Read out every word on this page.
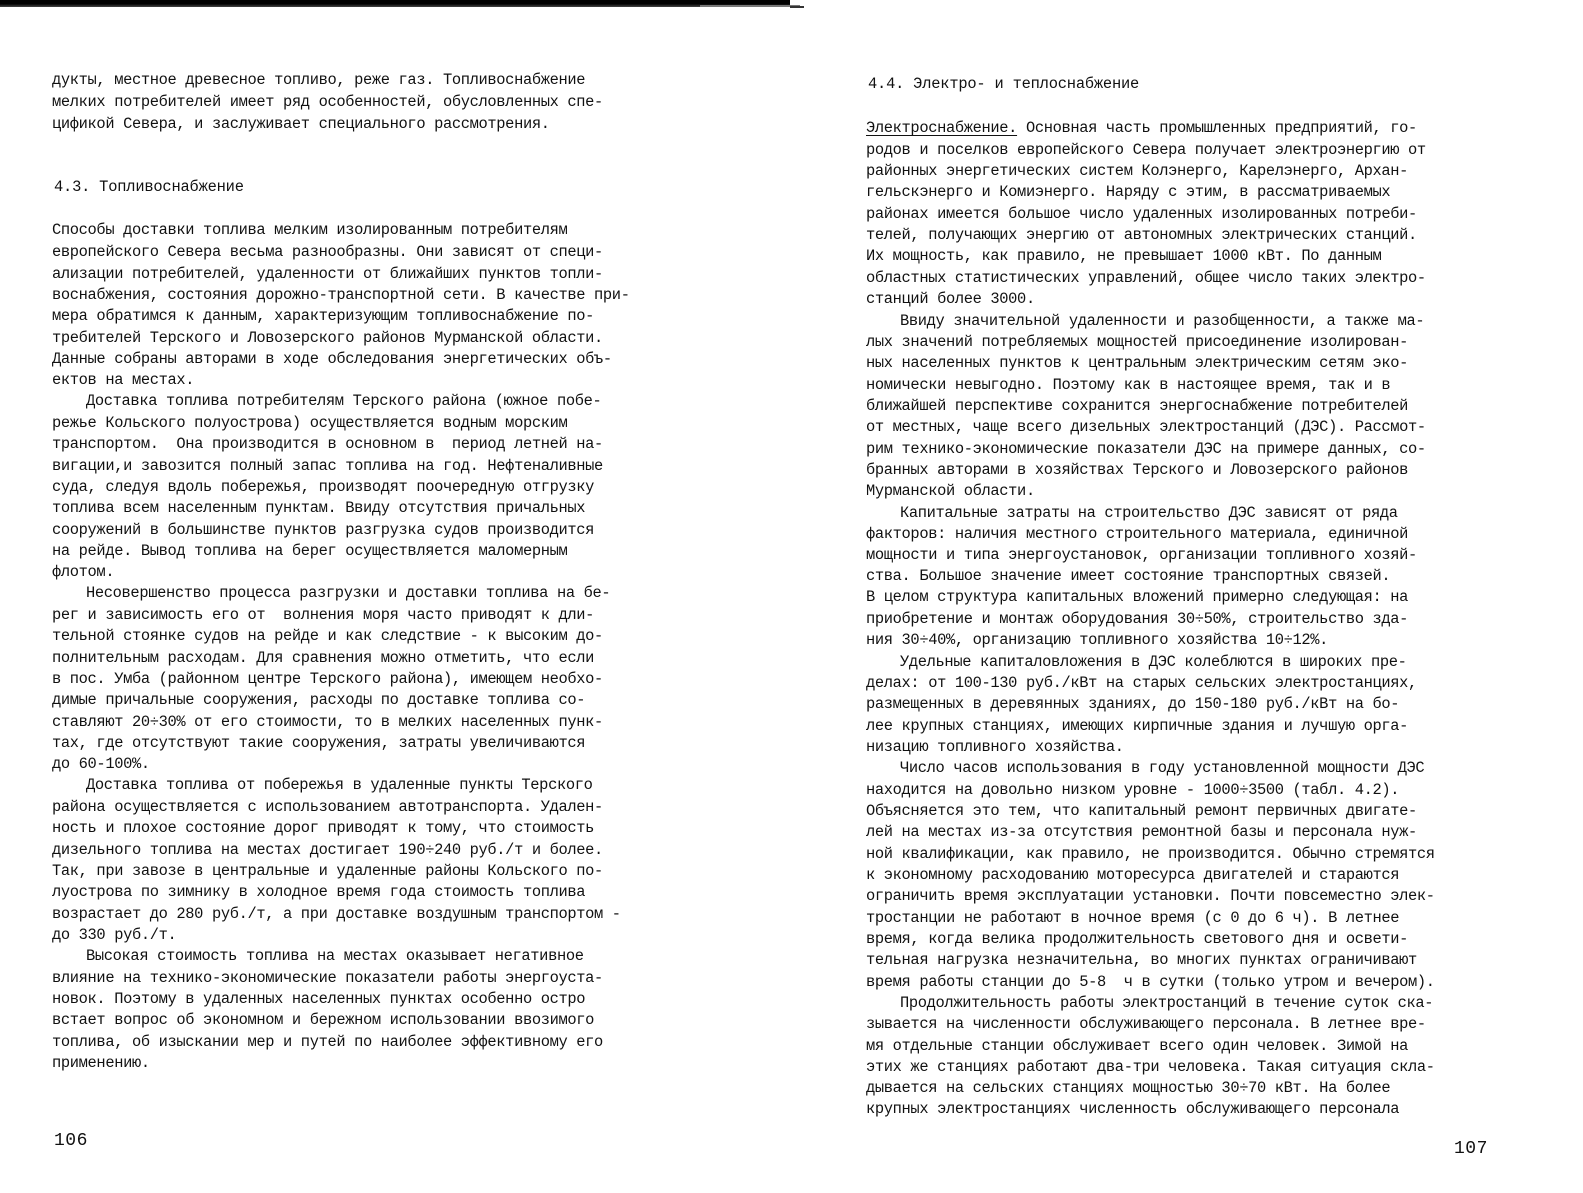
дукты, местное древесное топливо, реже газ. Топливоснабжение
мелких потребителей имеет ряд особенностей, обусловленных спе-
цификой Севера, и заслуживает специального рассмотрения.
4.3. Топливоснабжение
Способы доставки топлива мелким изолированным потребителям
европейского Севера весьма разнообразны. Они зависят от специ-
ализации потребителей, удаленности от ближайших пунктов топли-
воснабжения, состояния дорожно-транспортной сети. В качестве при-
мера обратимся к данным, характеризующим топливоснабжение по-
требителей Терского и Ловозерского районов Мурманской области.
Данные собраны авторами в ходе обследования энергетических объ-
ектов на местах.
Доставка топлива потребителям Терского района (южное побе-
режье Кольского полуострова) осуществляется водным морским
транспортом.  Она производится в основном в  период летней на-
вигации,и завозится полный запас топлива на год. Нефтеналивные
суда, следуя вдоль побережья, производят поочередную отгрузку
топлива всем населенным пунктам. Ввиду отсутствия причальных
сооружений в большинстве пунктов разгрузка судов производится
на рейде. Вывод топлива на берег осуществляется маломерным
флотом.
Несовершенство процесса разгрузки и доставки топлива на бе-
рег и зависимость его от  волнения моря часто приводят к дли-
тельной стоянке судов на рейде и как следствие - к высоким до-
полнительным расходам. Для сравнения можно отметить, что если
в пос. Умба (районном центре Терского района), имеющем необхо-
димые причальные сооружения, расходы по доставке топлива со-
ставляют 20÷30% от его стоимости, то в мелких населенных пунк-
тах, где отсутствуют такие сооружения, затраты увеличиваются
до 60-100%.
Доставка топлива от побережья в удаленные пункты Терского
района осуществляется с использованием автотранспорта. Удален-
ность и плохое состояние дорог приводят к тому, что стоимость
дизельного топлива на местах достигает 190÷240 руб./т и более.
Так, при завозе в центральные и удаленные районы Кольского по-
луострова по зимнику в холодное время года стоимость топлива
возрастает до 280 руб./т, а при доставке воздушным транспортом -
до 330 руб./т.
Высокая стоимость топлива на местах оказывает негативное
влияние на технико-экономические показатели работы энергоуста-
новок. Поэтому в удаленных населенных пунктах особенно остро
встает вопрос об экономном и бережном использовании ввозимого
топлива, об изыскании мер и путей по наиболее эффективному его
применению.
106
4.4. Электро- и теплоснабжение
Электроснабжение. Основная часть промышленных предприятий, го-
родов и поселков европейского Севера получает электроэнергию от
районных энергетических систем Колэнерго, Карелэнерго, Архан-
гельскэнерго и Комиэнерго. Наряду с этим, в рассматриваемых
районах имеется большое число удаленных изолированных потреби-
телей, получающих энергию от автономных электрических станций.
Их мощность, как правило, не превышает 1000 кВт. По данным
областных статистических управлений, общее число таких электро-
станций более 3000.
Ввиду значительной удаленности и разобщенности, а также ма-
лых значений потребляемых мощностей присоединение изолирован-
ных населенных пунктов к центральным электрическим сетям эко-
номически невыгодно. Поэтому как в настоящее время, так и в
ближайшей перспективе сохранится энергоснабжение потребителей
от местных, чаще всего дизельных электростанций (ДЭС). Рассмот-
рим технико-экономические показатели ДЭС на примере данных, со-
бранных авторами в хозяйствах Терского и Ловозерского районов
Мурманской области.
Капитальные затраты на строительство ДЭС зависят от ряда
факторов: наличия местного строительного материала, единичной
мощности и типа энергоустановок, организации топливного хозяй-
ства. Большое значение имеет состояние транспортных связей.
В целом структура капитальных вложений примерно следующая: на
приобретение и монтаж оборудования 30÷50%, строительство зда-
ния 30÷40%, организацию топливного хозяйства 10÷12%.
Удельные капиталовложения в ДЭС колеблются в широких пре-
делах: от 100-130 руб./кВт на старых сельских электростанциях,
размещенных в деревянных зданиях, до 150-180 руб./кВт на бо-
лее крупных станциях, имеющих кирпичные здания и лучшую орга-
низацию топливного хозяйства.
Число часов использования в году установленной мощности ДЭС
находится на довольно низком уровне - 1000÷3500 (табл. 4.2).
Объясняется это тем, что капитальный ремонт первичных двигате-
лей на местах из-за отсутствия ремонтной базы и персонала нуж-
ной квалификации, как правило, не производится. Обычно стремятся
к экономному расходованию моторесурса двигателей и стараются
ограничить время эксплуатации установки. Почти повсеместно элек-
тростанции не работают в ночное время (с 0 до 6 ч). В летнее
время, когда велика продолжительность светового дня и освети-
тельная нагрузка незначительна, во многих пунктах ограничивают
время работы станции до 5-8  ч в сутки (только утром и вечером).
Продолжительность работы электростанций в течение суток ска-
зывается на численности обслуживающего персонала. В летнее вре-
мя отдельные станции обслуживает всего один человек. Зимой на
этих же станциях работают два-три человека. Такая ситуация скла-
дывается на сельских станциях мощностью 30÷70 кВт. На более
крупных электростанциях численность обслуживающего персонала
107
